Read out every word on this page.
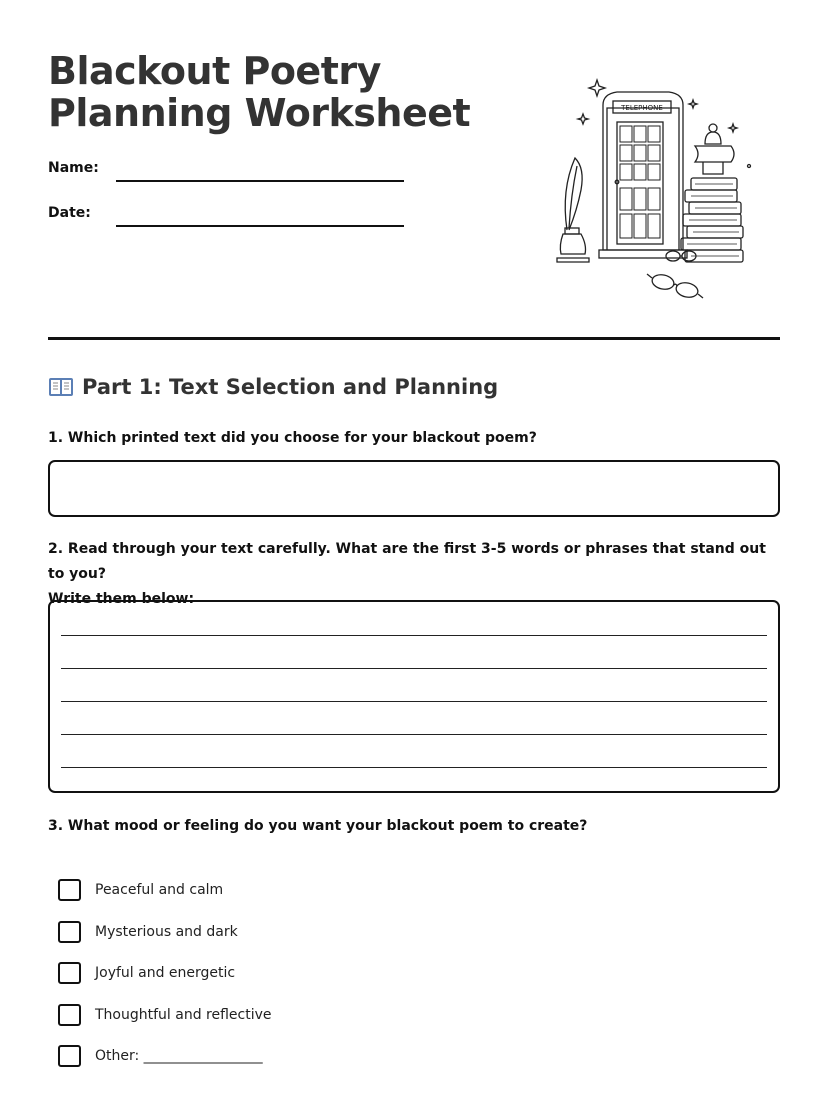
Blackout Poetry
Planning Worksheet
Name:
Date:
TELEPHONE
Part 1: Text Selection and Planning
1. Which printed text did you choose for your blackout poem?
2. Read through your text carefully. What are the first 3-5 words or phrases that stand out to you?
Write them below:
3. What mood or feeling do you want your blackout poem to create?
Peaceful and calm
Mysterious and dark
Joyful and energetic
Thoughtful and reflective
Other: _________________
